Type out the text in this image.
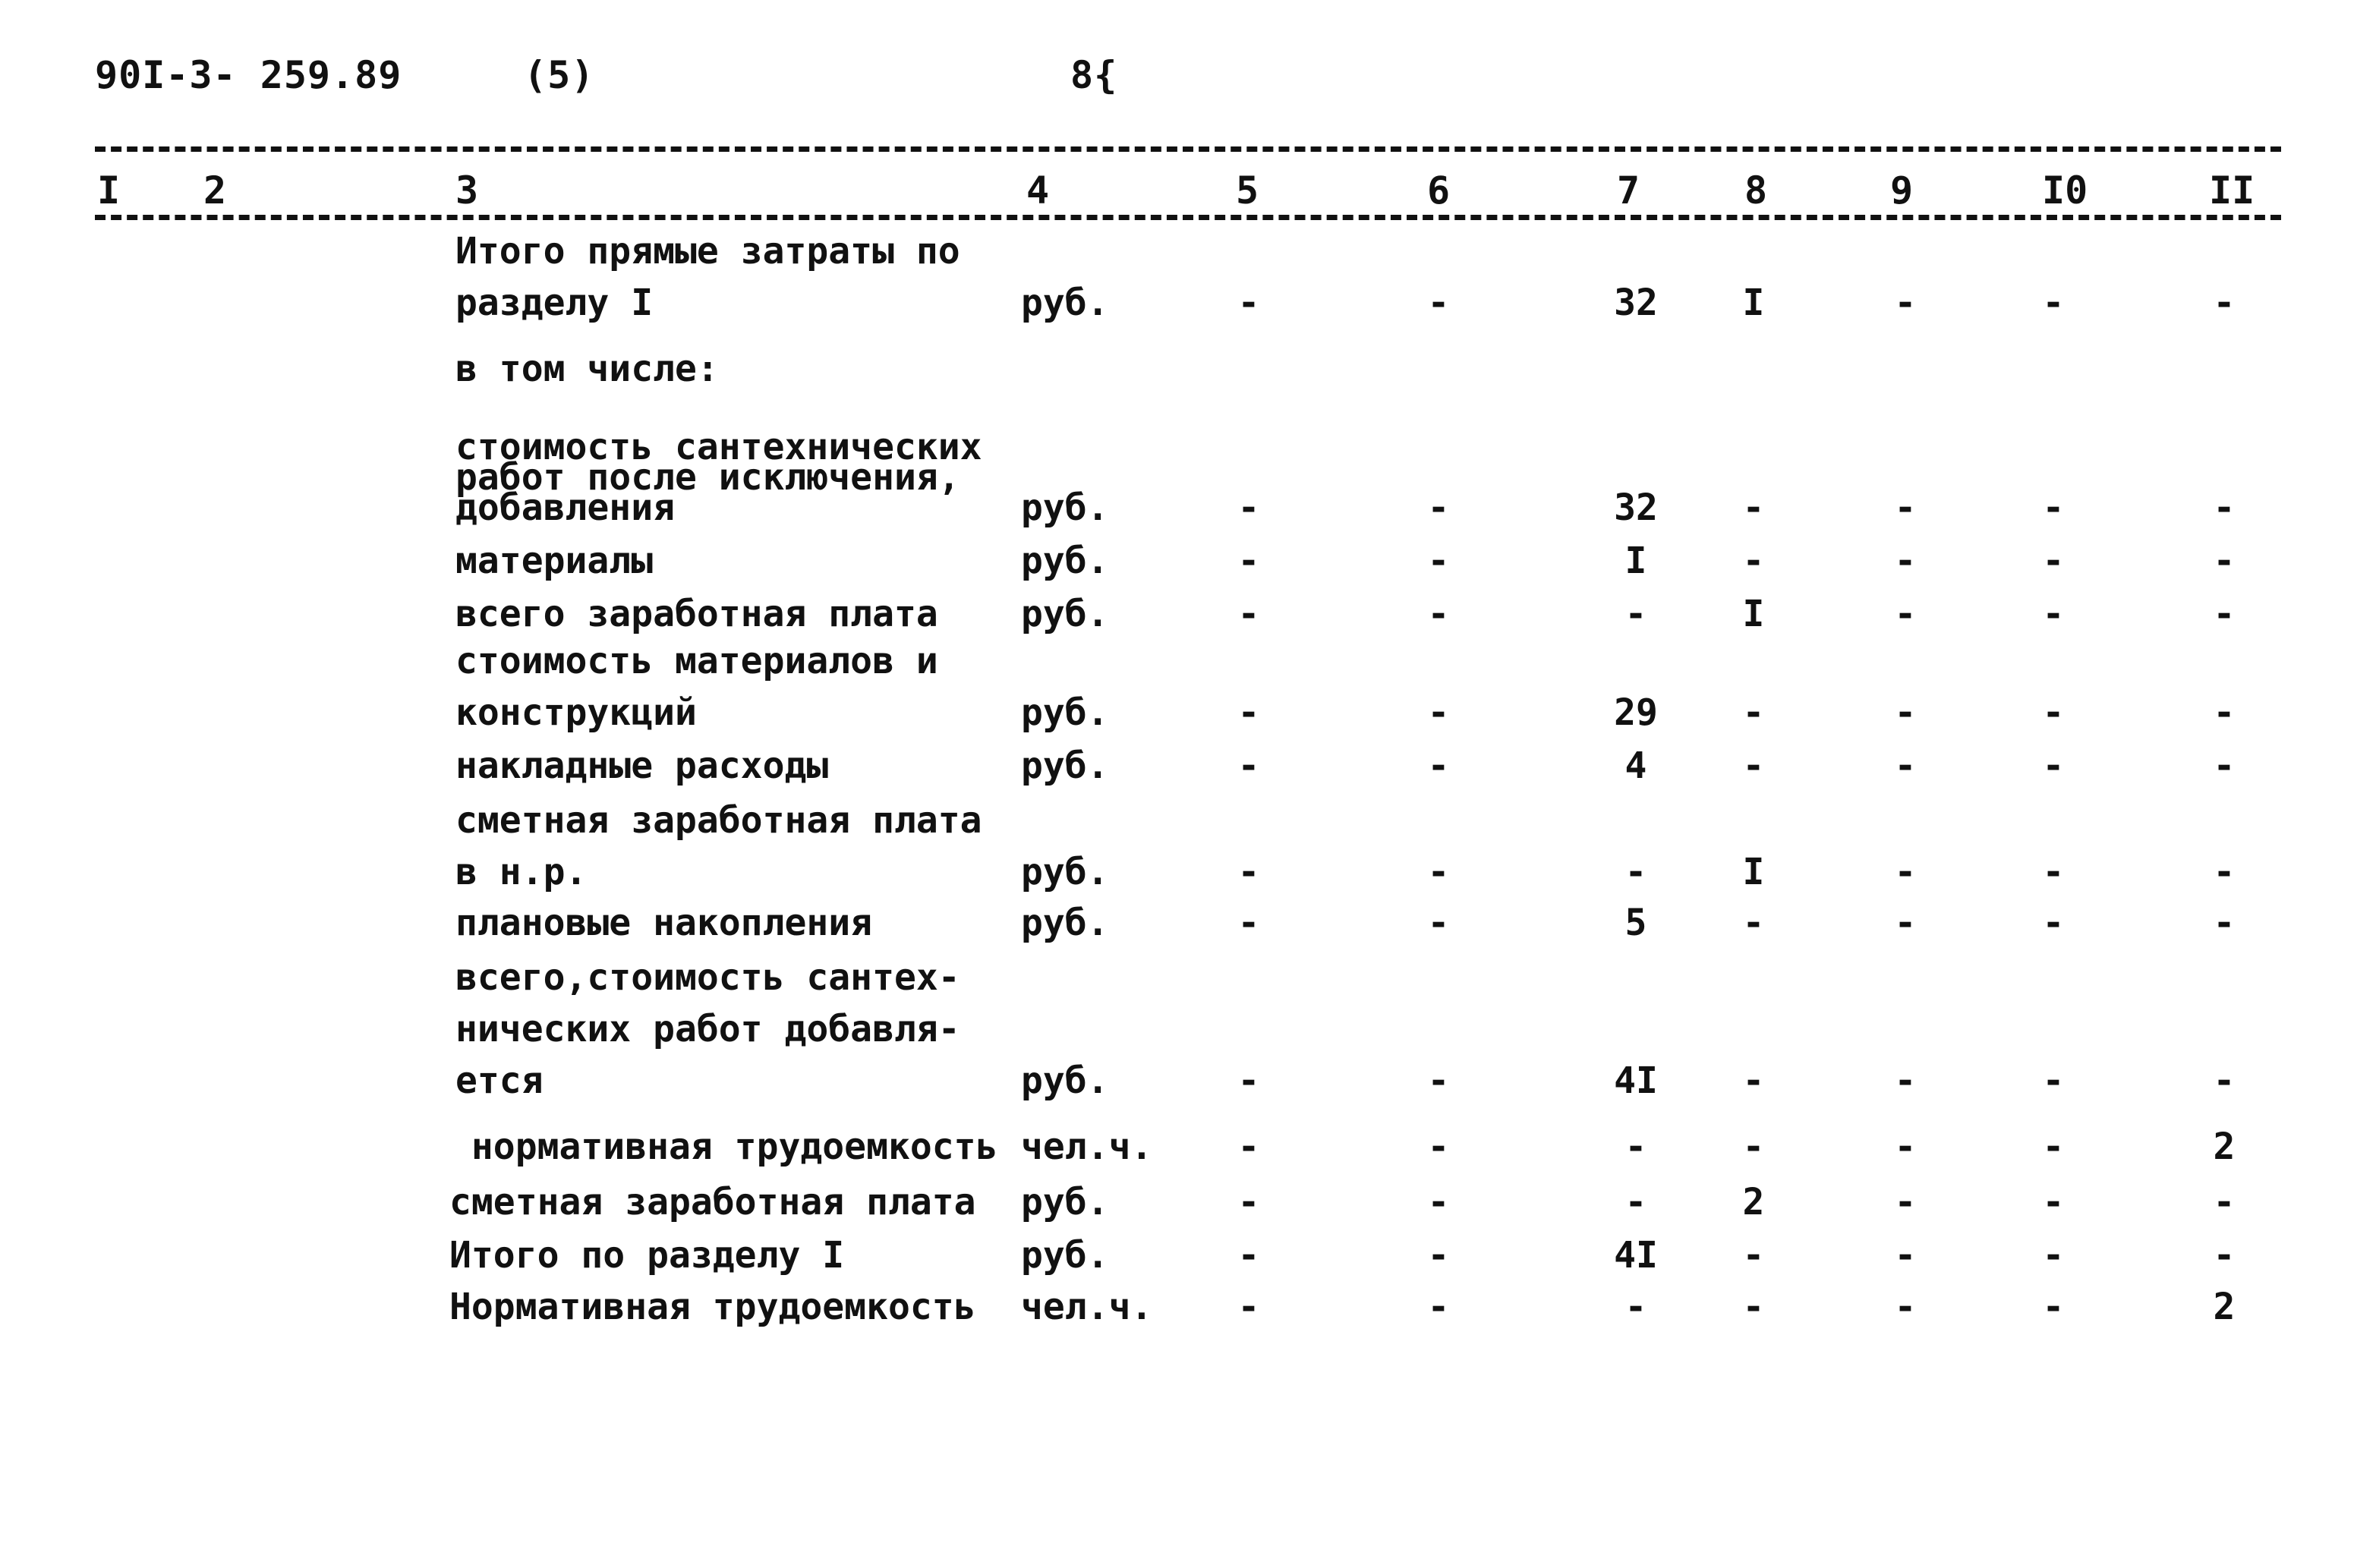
90I-3- 259.89	(5)	8{
I 2	3	4	5	6	7	8	9	I0	II
Итого прямые затраты по
разделу I	руб.	-	-	32	I	-	-	-
в том числе:
стоимость сантехнических
работ после исключения,
добавления	руб.	-	-	32	-	-	-	-
материалы	руб.	-	-	I	-	-	-	-
всего заработная плата руб.	-	-	-	I	-	-	-
стоимость материалов и
конструкций	руб.	-	-	29	-	-	-	-
накладные расходы	руб.	-	-	4	-	-	-	-
сметная заработная плата
в н.р.	руб.	-	-	-	I	-	-	-
плановые накопления	руб.	-	-	5	-	-	-	-
всего,стоимость сантех-
нических работ добавля-
ется	руб.	-	-	4I	-	-	-	-
нормативная трудоемкость чел.ч.	-	-	-	-	-	-	2
сметная заработная плата руб.	-	-	-	2	-	-	-
Итого по разделу I	руб.	-	-	4I	-	-	-	-
Нормативная трудоемкость чел.ч.	-	-	-	-	-	-	2
